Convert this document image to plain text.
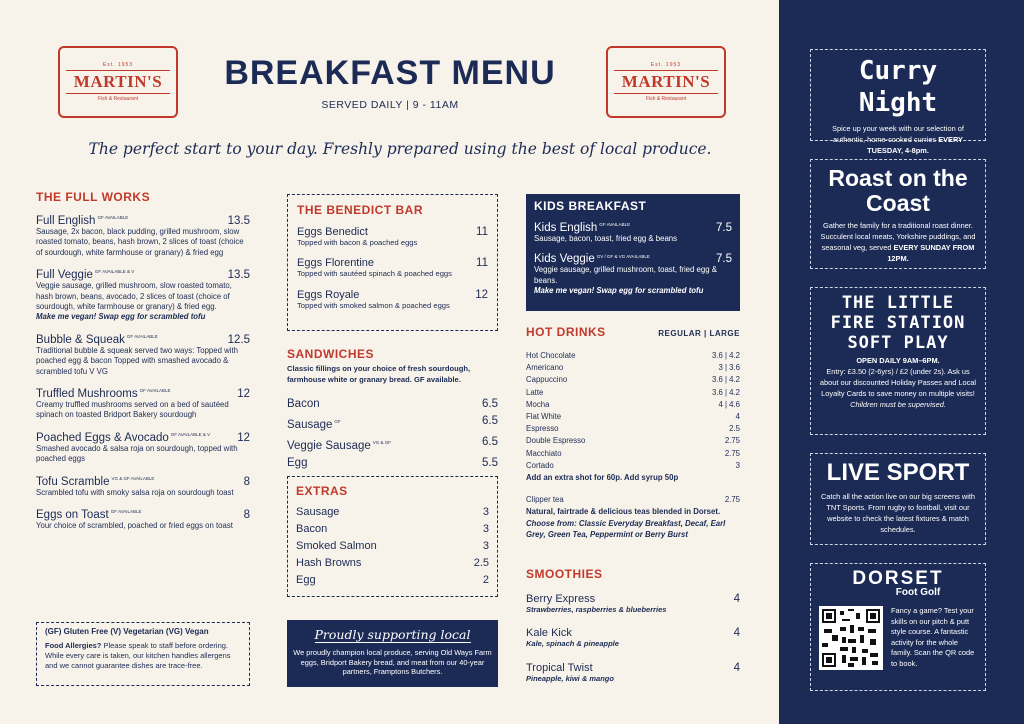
Est. 1953
MARTIN'S
Fish & Restaurant
Est. 1953
MARTIN'S
Fish & Restaurant
BREAKFAST MENU
SERVED DAILY | 9 - 11AM
The perfect start to your day. Freshly prepared using the best of local produce.
THE FULL WORKS
Full English $^{GF AVAILABLE}$	13.5
Sausage, 2x bacon, black pudding, grilled mushroom, slow roasted tomato, beans, hash brown, 2 slices of toast (choice of sourdough, white farmhouse or granary) & fried egg
Full Veggie $^{GF AVAILABLE \& V}$	13.5
Veggie sausage, grilled mushroom, slow roasted tomato, hash brown, beans, avocado, 2 slices of toast (choice of sourdough, white farmhouse or granary) & fried egg.
Make me vegan! Swap egg for scrambled tofu
Bubble & Squeak $^{GF AVAILABLE}$	12.5
Traditional bubble & squeak served two ways: Topped with poached egg & bacon Topped with smashed avocado & scrambled tofu V VG
Truffled Mushrooms $^{GF AVAILABLE}$	12
Creamy truffled mushrooms served on a bed of sautéed spinach on toasted Bridport Bakery sourdough
Poached Eggs & Avocado $^{GF AVAILABLE \& V}$ 12
Smashed avocado & salsa roja on sourdough, topped with poached eggs
Tofu Scramble $^{VG \& GF AVAILABLE}$	8
Scrambled tofu with smoky salsa roja on sourdough toast
Eggs on Toast $^{GF AVAILABLE}$	8
Your choice of scrambled, poached or fried eggs on toast
(GF) Gluten Free (V) Vegetarian (VG) Vegan
Food Allergies? Please speak to staff before ordering. While every care is taken, our kitchen handles allergens and we cannot guarantee dishes are trace-free.
THE BENEDICT BAR
Eggs Benedict	11
Topped with bacon & poached eggs
Eggs Florentine	11
Topped with sautéed spinach & poached eggs
Eggs Royale	12
Topped with smoked salmon & poached eggs
SANDWICHES
Classic fillings on your choice of fresh sourdough, farmhouse white or granary bread. GF available.
Bacon	6.5
Sausage $^{GF}$	6.5
Veggie Sausage $^{VG \& GF}$	6.5
Egg	5.5
EXTRAS
Sausage	3
Bacon	3
Smoked Salmon	3
Hash Browns	2.5
Egg	2
Proudly supporting local
We proudly champion local produce, serving Old Ways Farm eggs, Bridport Bakery bread, and meat from our 40-year partners, Framptons Butchers.
KIDS BREAKFAST
Kids English $^{GF AVAILABLE}$	7.5
Sausage, bacon, toast, fried egg & beans
Kids Veggie $^{GV / GF \& VG AVAILABLE}$	7.5
Veggie sausage, grilled mushroom, toast, fried egg & beans.
Make me vegan! Swap egg for scrambled tofu
HOT DRINKS	REGULAR | LARGE
Hot Chocolate	3.6 | 4.2
Americano	3 | 3.6
Cappuccino	3.6 | 4.2
Latte	3.6 | 4.2
Mocha	4 | 4.6
Flat White	4
Espresso	2.5
Double Espresso	2.75
Macchiato	2.75
Cortado	3
Add an extra shot for 60p. Add syrup 50p
Clipper tea	2.75
Natural, fairtrade & delicious teas blended in Dorset.
Choose from: Classic Everyday Breakfast, Decaf, Earl Grey, Green Tea, Peppermint or Berry Burst
SMOOTHIES
Berry Express	4
Strawberries, raspberries & blueberries
Kale Kick	4
Kale, spinach & pineapple
Tropical Twist	4
Pineapple, kiwi & mango
Curry Night
Spice up your week with our selection of authentic, home-cooked curries EVERY TUESDAY, 4-8pm.
Roast on the Coast
Gather the family for a traditional roast dinner. Succulent local meats, Yorkshire puddings, and seasonal veg, served EVERY SUNDAY FROM 12PM.
THE LITTLE FIRE STATION SOFT PLAY
OPEN DAILY 9AM–6PM.
Entry: £3.50 (2-6yrs) / £2 (under 2s). Ask us about our discounted Holiday Passes and Local Loyalty Cards to save money on multiple visits!
Children must be supervised.
LIVE SPORT
Catch all the action live on our big screens with TNT Sports. From rugby to football, visit our website to check the latest fixtures & match schedules.
DORSET
Foot Golf
Fancy a game? Test your skills on our pitch & putt style course. A fantastic activity for the whole family. Scan the QR code to book.
